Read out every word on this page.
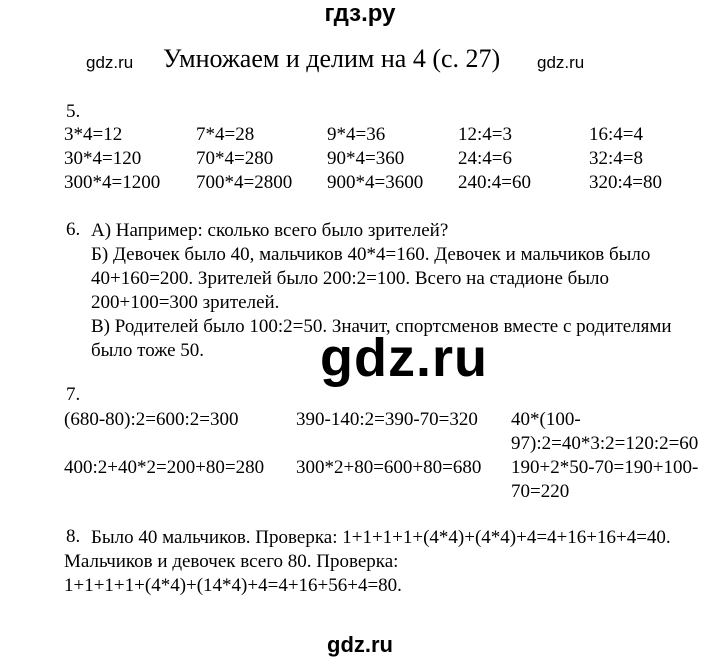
гдз.ру
gdz.ru Умножаем и делим на 4 (с. 27) gdz.ru
5.
3*4=12	7*4=28	9*4=36	12:4=3	16:4=4
30*4=120	70*4=280	90*4=360	24:4=6	32:4=8
300*4=1200 700*4=2800 900*4=3600 240:4=60	320:4=80
6. А) Например: сколько всего было зрителей?
Б) Девочек было 40, мальчиков 40*4=160. Девочек и мальчиков было
40+160=200. Зрителей было 200:2=100. Всего на стадионе было
200+100=300 зрителей.
В) Родителей было 100:2=50. Значит, спортсменов вместе с родителями
было тоже 50. gdz.ru
7.
(680-80):2=600:2=300	390-140:2=390-70=320 40*(100-
97):2=40*3:2=120:2=60
400:2+40*2=200+80=280 300*2+80=600+80=680 190+2*50-70=190+100-
70=220
8. Было 40 мальчиков. Проверка: 1+1+1+1+(4*4)+(4*4)+4=4+16+16+4=40.
Мальчиков и девочек всего 80. Проверка:
1+1+1+1+(4*4)+(14*4)+4=4+16+56+4=80.
gdz.ru
